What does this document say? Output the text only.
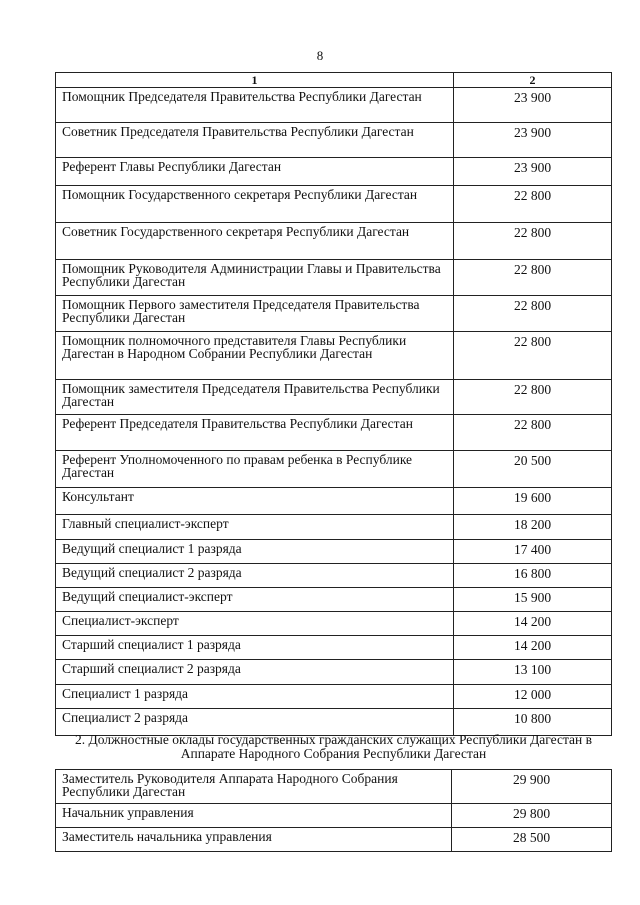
8
1	2
Помощник Председателя Правительства Республики Дагестан	23 900
Советник Председателя Правительства Республики Дагестан	23 900
Референт Главы Республики Дагестан	23 900
Помощник Государственного секретаря Республики Дагестан	22 800
Советник Государственного секретаря Республики Дагестан	22 800
Помощник Руководителя Администрации Главы и Правительства Республики Дагестан	22 800
Помощник Первого заместителя Председателя Правительства Республики Дагестан	22 800
Помощник полномочного представителя Главы Республики Дагестан в Народном Собрании Республики Дагестан	22 800
Помощник заместителя Председателя Правительства Республики Дагестан	22 800
Референт Председателя Правительства Республики Дагестан	22 800
Референт Уполномоченного по правам ребенка в Республике Дагестан	20 500
Консультант	19 600
Главный специалист-эксперт	18 200
Ведущий специалист 1 разряда	17 400
Ведущий специалист 2 разряда	16 800
Ведущий специалист-эксперт	15 900
Специалист-эксперт	14 200
Старший специалист 1 разряда	14 200
Старший специалист 2 разряда	13 100
Специалист 1 разряда	12 000
Специалист 2 разряда	10 800
2. Должностные оклады государственных гражданских служащих Республики Дагестан в Аппарате Народного Собрания Республики Дагестан
Заместитель Руководителя Аппарата Народного Собрания Республики Дагестан	29 900
Начальник управления	29 800
Заместитель начальника управления	28 500
